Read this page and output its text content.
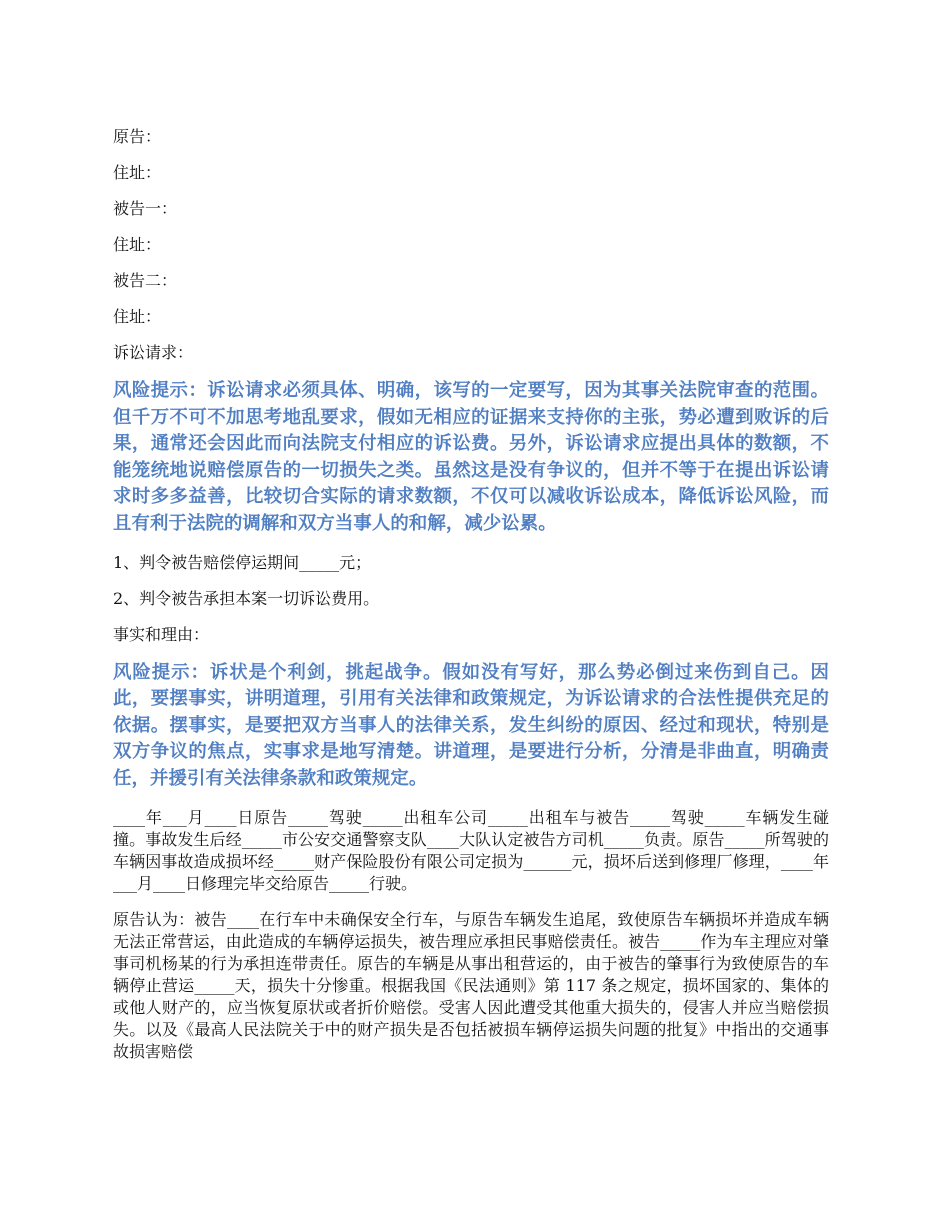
原告：
住址：
被告一：
住址：
被告二：
住址：
诉讼请求：
风险提示：诉讼请求必须具体、明确，该写的一定要写，因为其事关法院审查的范围。但千万不可不加思考地乱要求，假如无相应的证据来支持你的主张，势必遭到败诉的后果，通常还会因此而向法院支付相应的诉讼费。另外，诉讼请求应提出具体的数额，不能笼统地说赔偿原告的一切损失之类。虽然这是没有争议的，但并不等于在提出诉讼请求时多多益善，比较切合实际的请求数额，不仅可以减收诉讼成本，降低诉讼风险，而且有利于法院的调解和双方当事人的和解，减少讼累。
1、判令被告赔偿停运期间_____元；
2、判令被告承担本案一切诉讼费用。
事实和理由：
风险提示：诉状是个利剑，挑起战争。假如没有写好，那么势必倒过来伤到自己。因此，要摆事实，讲明道理，引用有关法律和政策规定，为诉讼请求的合法性提供充足的依据。摆事实，是要把双方当事人的法律关系，发生纠纷的原因、经过和现状，特别是双方争议的焦点，实事求是地写清楚。讲道理，是要进行分析，分清是非曲直，明确责任，并援引有关法律条款和政策规定。
____年___月____日原告_____驾驶_____出租车公司_____出租车与被告_____驾驶_____车辆发生碰撞。事故发生后经_____市公安交通警察支队____大队认定被告方司机_____负责。原告_____所驾驶的车辆因事故造成损坏经_____财产保险股份有限公司定损为______元，损坏后送到修理厂修理，____年___月____日修理完毕交给原告_____行驶。
原告认为：被告____在行车中未确保安全行车，与原告车辆发生追尾，致使原告车辆损坏并造成车辆无法正常营运，由此造成的车辆停运损失，被告理应承担民事赔偿责任。被告_____作为车主理应对肇事司机杨某的行为承担连带责任。原告的车辆是从事出租营运的，由于被告的肇事行为致使原告的车辆停止营运_____天，损失十分惨重。根据我国《民法通则》第 117 条之规定，损坏国家的、集体的或他人财产的，应当恢复原状或者折价赔偿。受害人因此遭受其他重大损失的，侵害人并应当赔偿损失。以及《最高人民法院关于中的财产损失是否包括被损车辆停运损失问题的批复》中指出的交通事故损害赔偿
